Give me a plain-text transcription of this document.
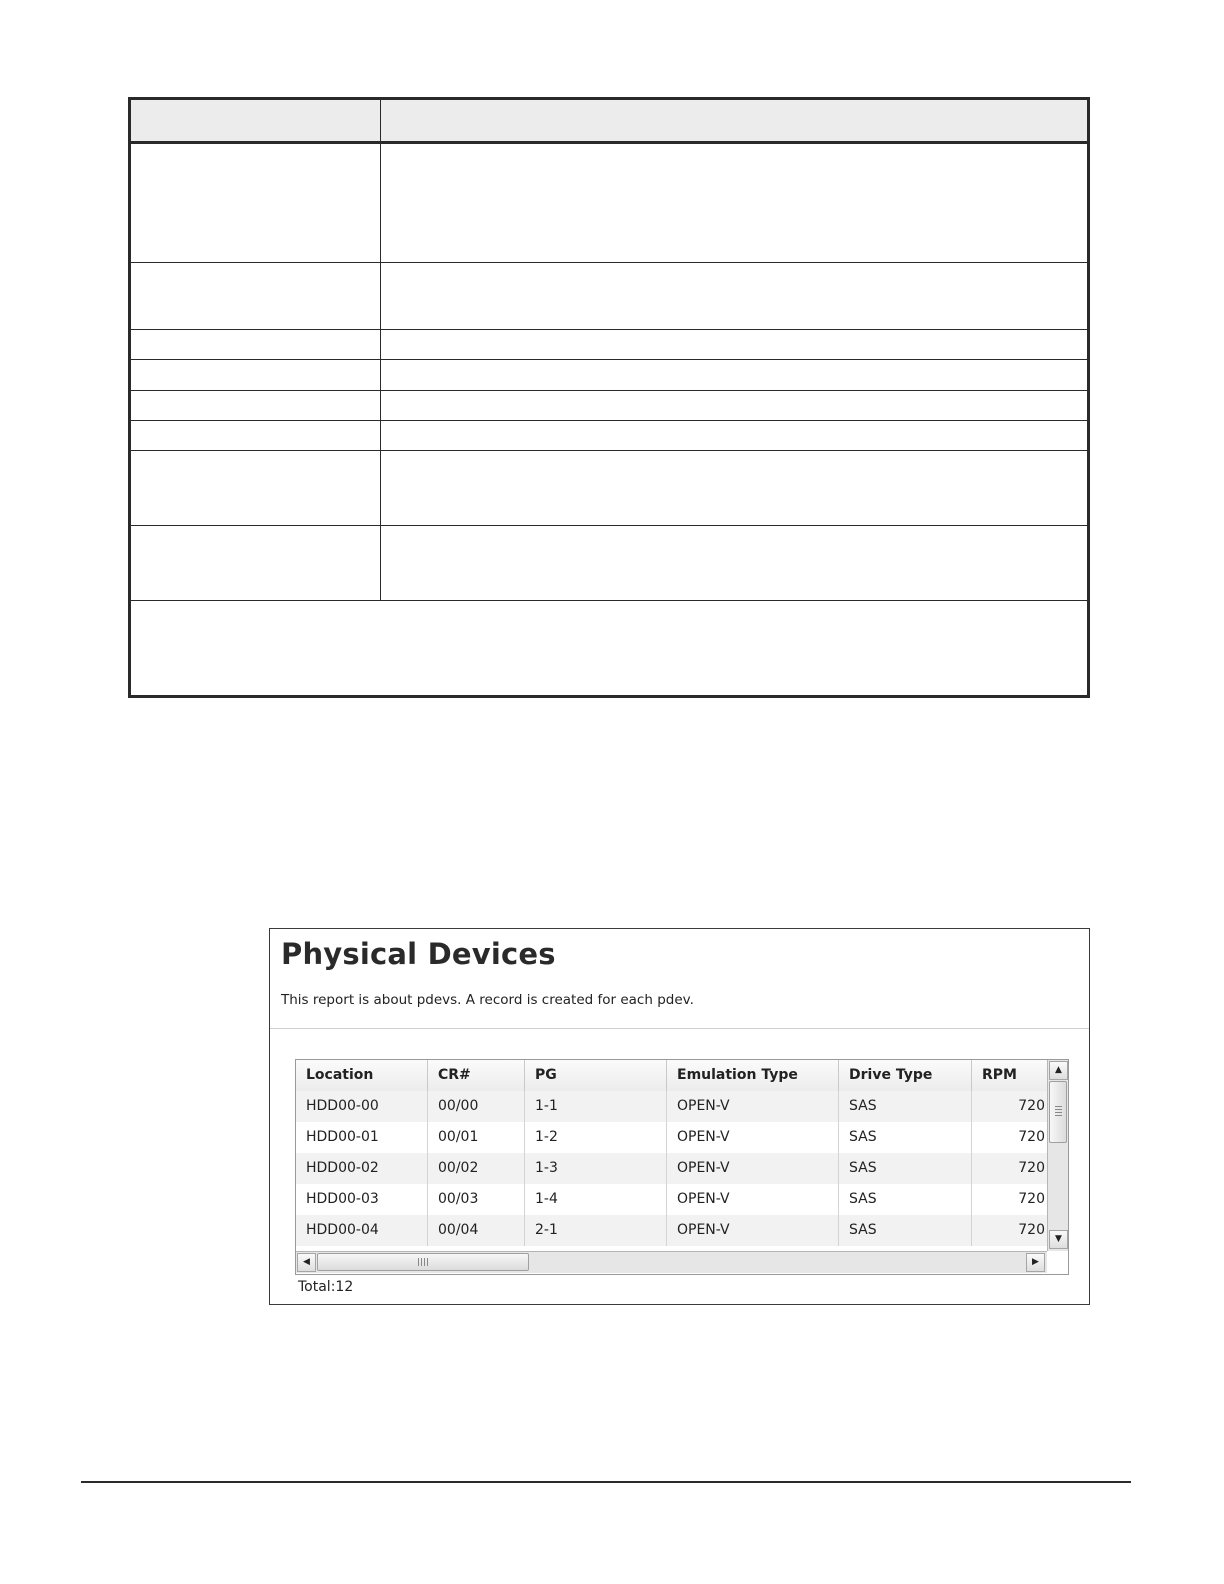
Physical Devices
This report is about pdevs. A record is created for each pdev.
Location	CR#	PG	Emulation Type	Drive Type	RPM
HDD00-00	00/00	1-1	OPEN-V	SAS	720
HDD00-01	00/01	1-2	OPEN-V	SAS	720
HDD00-02	00/02	1-3	OPEN-V	SAS	720
HDD00-03	00/03	1-4	OPEN-V	SAS	720
HDD00-04	00/04	2-1	OPEN-V	SAS	720
▲
▼
◀	▶
Total:12
